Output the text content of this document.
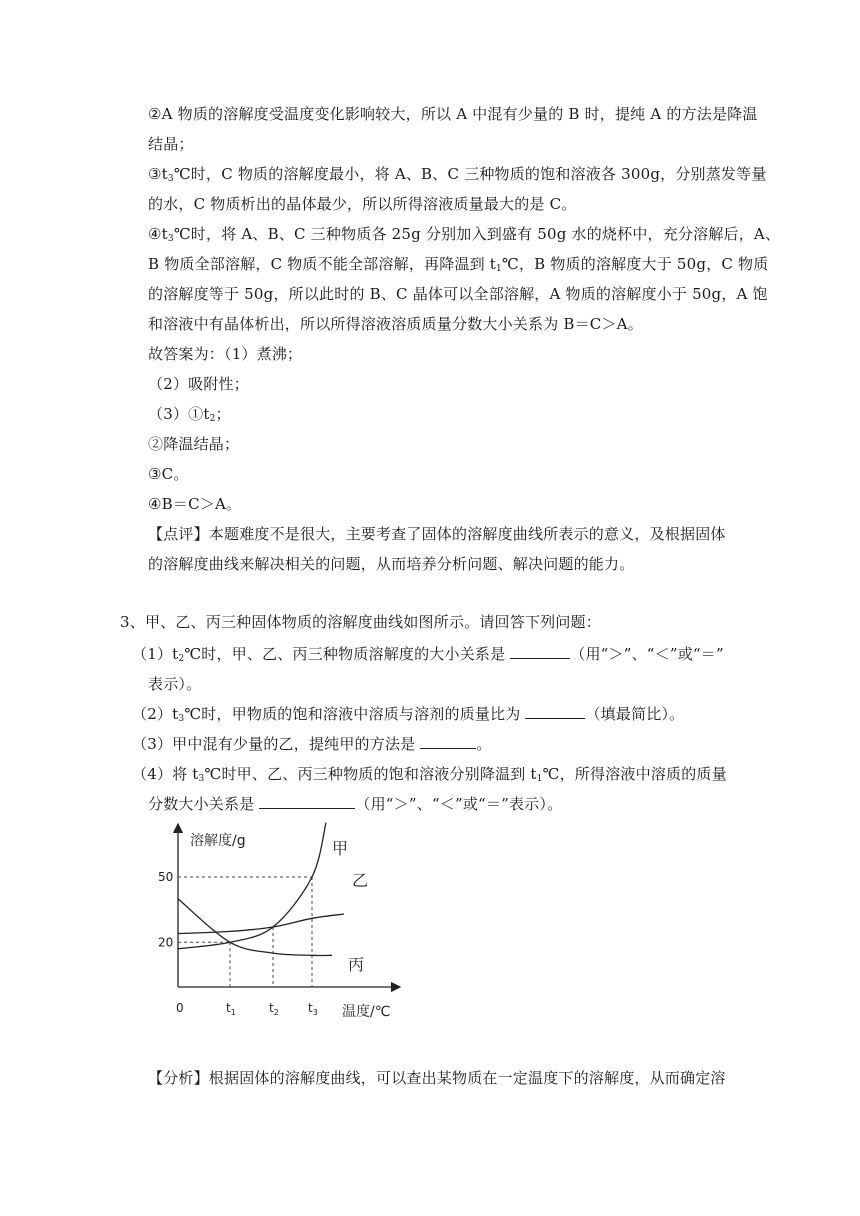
②A 物质的溶解度受温度变化影响较大，所以 A 中混有少量的 B 时，提纯 A 的方法是降温
结晶；
$③t_3℃$时，C 物质的溶解度最小，将 A、B、C 三种物质的饱和溶液各 300g，分别蒸发等量
的水，C 物质析出的晶体最少，所以所得溶液质量最大的是 C。
$④t_3℃$时，将 A、B、C 三种物质各 25g 分别加入到盛有 50g 水的烧杯中，充分溶解后，A、
B 物质全部溶解，C 物质不能全部溶解，再降温到 $t_1℃$，B 物质的溶解度大于 50g，C 物质
的溶解度等于 50g，所以此时的 B、C 晶体可以全部溶解，A 物质的溶解度小于 50g，A 饱
和溶液中有晶体析出，所以所得溶液溶质质量分数大小关系为 B＝C＞A。
故答案为：（1）煮沸；
（2）吸附性；
$(3)①t_2$；
②降温结晶；
③C。
④B＝C＞A。
【点评】本题难度不是很大，主要考查了固体的溶解度曲线所表示的意义，及根据固体
的溶解度曲线来解决相关的问题，从而培养分析问题、解决问题的能力。
3、甲、乙、丙三种固体物质的溶解度曲线如图所示。请回答下列问题：
$(1)t_2℃$时，甲、乙、丙三种物质溶解度的大小关系是	（用“＞”、“＜”或“＝”
表示）。
$(2)t_3℃$时，甲物质的饱和溶液中溶质与溶剂的质量比为	（填最简比）。
（3）甲中混有少量的乙，提纯甲的方法是	。
（4）将 $t_3℃$时甲、乙、丙三种物质的饱和溶液分别降温到 $t_1℃$，所得溶液中溶质的质量
分数大小关系是	（用“＞”、“＜”或“＝”表示）。
溶解度/g
温度/℃
0
50
20
$t_1$	$t_2$ $t_3$
甲
乙
丙
【分析】根据固体的溶解度曲线，可以查出某物质在一定温度下的溶解度，从而确定溶
